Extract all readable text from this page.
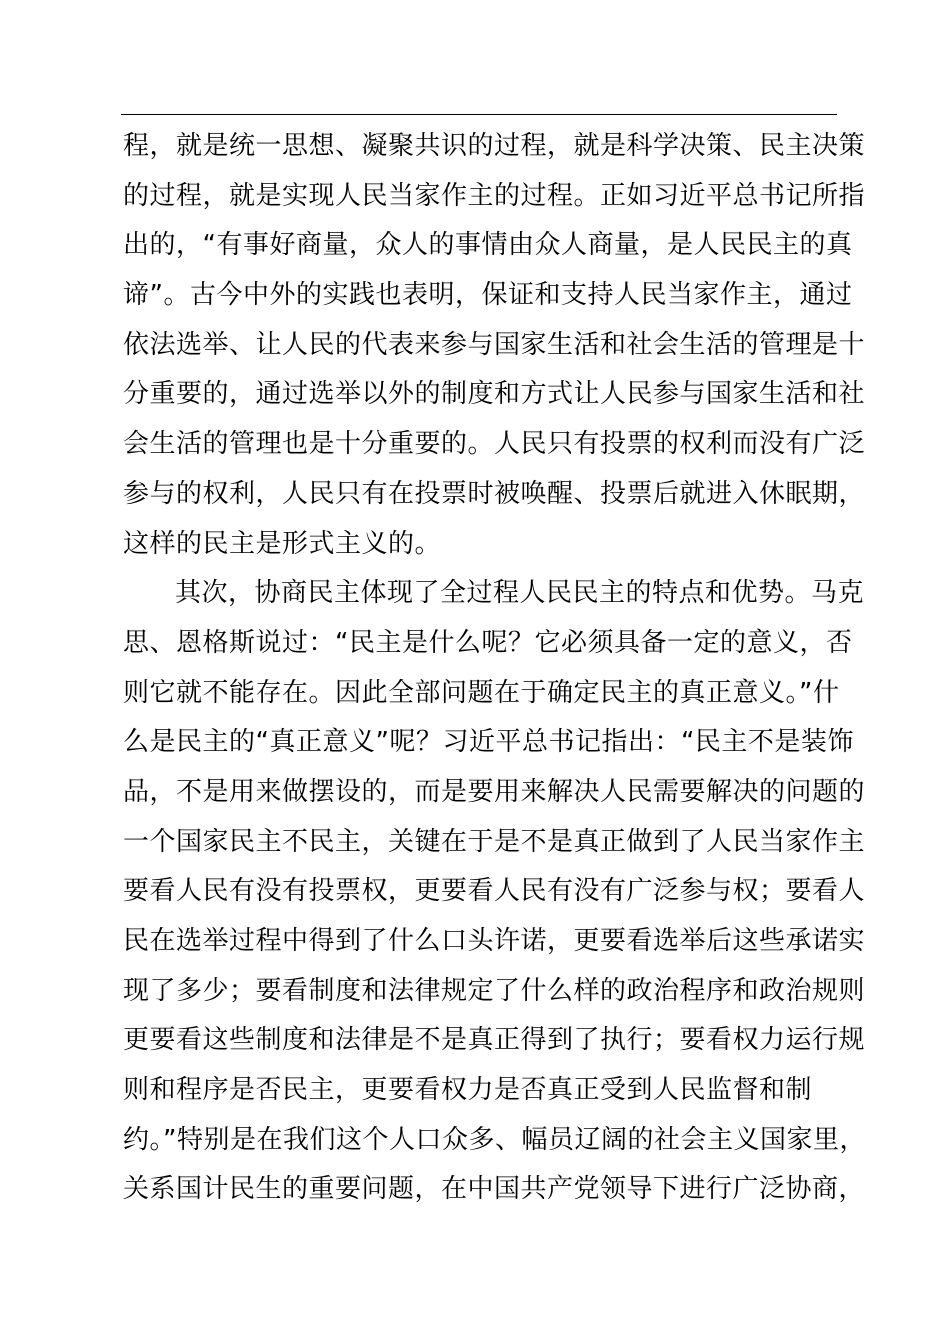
程，就是统一思想、凝聚共识的过程，就是科学决策、民主决策
的过程，就是实现人民当家作主的过程。正如习近平总书记所指
出的，“有事好商量，众人的事情由众人商量，是人民民主的真
谛”。古今中外的实践也表明，保证和支持人民当家作主，通过
依法选举、让人民的代表来参与国家生活和社会生活的管理是十
分重要的，通过选举以外的制度和方式让人民参与国家生活和社
会生活的管理也是十分重要的。人民只有投票的权利而没有广泛
参与的权利，人民只有在投票时被唤醒、投票后就进入休眠期，
这样的民主是形式主义的。
其次，协商民主体现了全过程人民民主的特点和优势。马克
思、恩格斯说过：“民主是什么呢？它必须具备一定的意义，否
则它就不能存在。因此全部问题在于确定民主的真正意义。”什
么是民主的“真正意义”呢？习近平总书记指出：“民主不是装饰
品，不是用来做摆设的，而是要用来解决人民需要解决的问题的
一个国家民主不民主，关键在于是不是真正做到了人民当家作主
要看人民有没有投票权，更要看人民有没有广泛参与权；要看人
民在选举过程中得到了什么口头许诺，更要看选举后这些承诺实
现了多少；要看制度和法律规定了什么样的政治程序和政治规则
更要看这些制度和法律是不是真正得到了执行；要看权力运行规
则和程序是否民主，更要看权力是否真正受到人民监督和制
约。”特别是在我们这个人口众多、幅员辽阔的社会主义国家里，
关系国计民生的重要问题，在中国共产党领导下进行广泛协商，
